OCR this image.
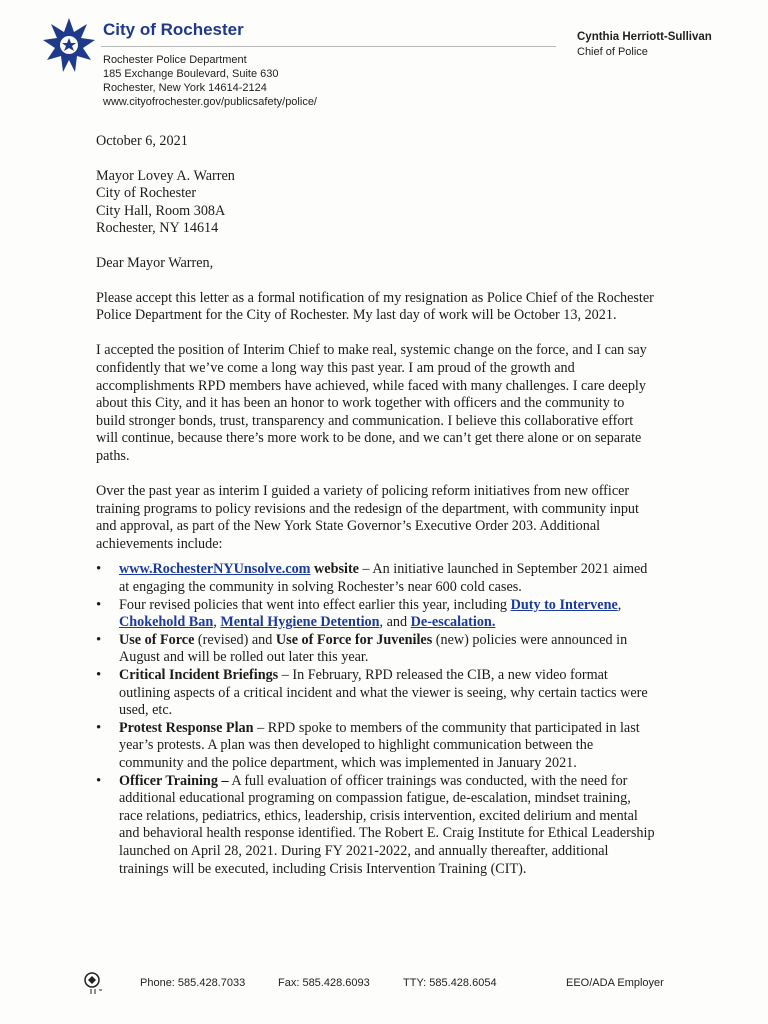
City of Rochester	Cynthia Herriott-Sullivan
Chief of Police
Rochester Police Department
185 Exchange Boulevard, Suite 630
Rochester, New York 14614-2124
www.cityofrochester.gov/publicsafety/police/

October 6, 2021

Mayor Lovey A. Warren
City of Rochester
City Hall, Room 308A
Rochester, NY 14614

Dear Mayor Warren,

Please accept this letter as a formal notification of my resignation as Police Chief of the Rochester Police Department for the City of Rochester. My last day of work will be October 13, 2021.

I accepted the position of Interim Chief to make real, systemic change on the force, and I can say confidently that we’ve come a long way this past year. I am proud of the growth and accomplishments RPD members have achieved, while faced with many challenges. I care deeply about this City, and it has been an honor to work together with officers and the community to build stronger bonds, trust, transparency and communication. I believe this collaborative effort will continue, because there’s more work to be done, and we can’t get there alone or on separate paths.

Over the past year as interim I guided a variety of policing reform initiatives from new officer training programs to policy revisions and the redesign of the department, with community input and approval, as part of the New York State Governor’s Executive Order 203. Additional achievements include:

• www.RochesterNYUnsolve.com website – An initiative launched in September 2021 aimed at engaging the community in solving Rochester’s near 600 cold cases.
• Four revised policies that went into effect earlier this year, including Duty to Intervene, Chokehold Ban, Mental Hygiene Detention, and De-escalation.
• Use of Force (revised) and Use of Force for Juveniles (new) policies were announced in August and will be rolled out later this year.
• Critical Incident Briefings – In February, RPD released the CIB, a new video format outlining aspects of a critical incident and what the viewer is seeing, why certain tactics were used, etc.
• Protest Response Plan – RPD spoke to members of the community that participated in last year’s protests. A plan was then developed to highlight communication between the community and the police department, which was implemented in January 2021.
• Officer Training – A full evaluation of officer trainings was conducted, with the need for additional educational programing on compassion fatigue, de-escalation, mindset training, race relations, pediatrics, ethics, leadership, crisis intervention, excited delirium and mental and behavioral health response identified. The Robert E. Craig Institute for Ethical Leadership launched on April 28, 2021. During FY 2021-2022, and annually thereafter, additional trainings will be executed, including Crisis Intervention Training (CIT).
Phone: 585.428.7033	Fax: 585.428.6093	TTY: 585.428.6054	EEO/ADA Employer
